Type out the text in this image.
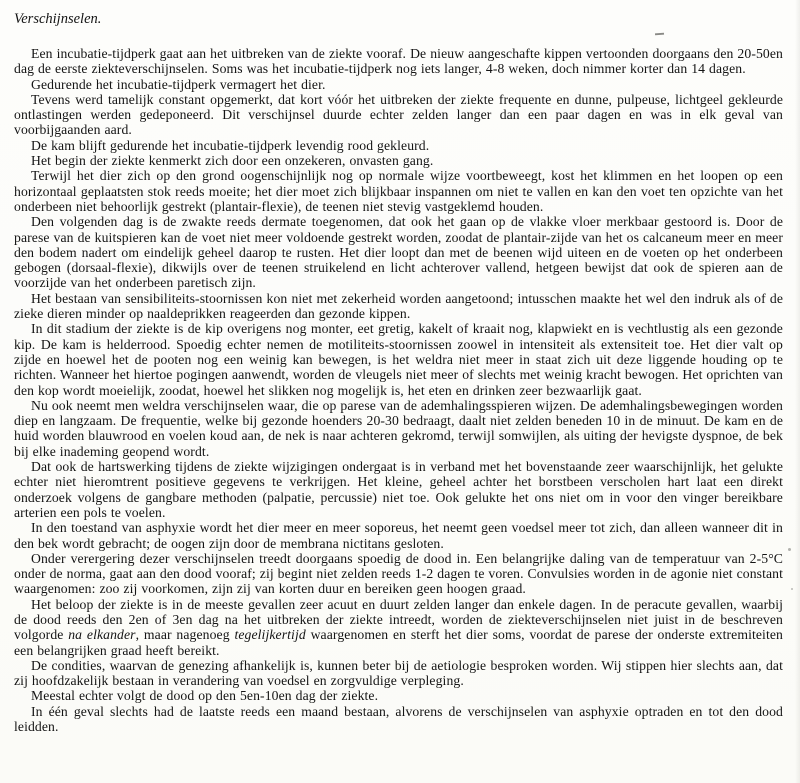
Verschijnselen.

Een incubatie-tijdperk gaat aan het uitbreken van de ziekte vooraf. De nieuw aangeschafte kippen vertoonden doorgaans den 20-50en dag de eerste ziekteverschijnselen. Soms was het incubatie-tijdperk nog iets langer, 4-8 weken, doch nimmer korter dan 14 dagen.

Gedurende het incubatie-tijdperk vermagert het dier.

Tevens werd tamelijk constant opgemerkt, dat kort vóór het uitbreken der ziekte frequente en dunne, pulpeuse, lichtgeel gekleurde ontlastingen werden gedeponeerd. Dit verschijnsel duurde echter zelden langer dan een paar dagen en was in elk geval van voorbijgaanden aard.

De kam blijft gedurende het incubatie-tijdperk levendig rood gekleurd.

Het begin der ziekte kenmerkt zich door een onzekeren, onvasten gang.

Terwijl het dier zich op den grond oogenschijnlijk nog op normale wijze voortbeweegt, kost het klimmen en het loopen op een horizontaal geplaatsten stok reeds moeite; het dier moet zich blijkbaar inspannen om niet te vallen en kan den voet ten opzichte van het onderbeen niet behoorlijk gestrekt (plantair-flexie), de teenen niet stevig vastgeklemd houden.

Den volgenden dag is de zwakte reeds dermate toegenomen, dat ook het gaan op de vlakke vloer merkbaar gestoord is. Door de parese van de kuitspieren kan de voet niet meer voldoende gestrekt worden, zoodat de plantair-zijde van het os calcaneum meer en meer den bodem nadert om eindelijk geheel daarop te rusten. Het dier loopt dan met de beenen wijd uiteen en de voeten op het onderbeen gebogen (dorsaal-flexie), dikwijls over de teenen struikelend en licht achterover vallend, hetgeen bewijst dat ook de spieren aan de voorzijde van het onderbeen paretisch zijn.

Het bestaan van sensibiliteits-stoornissen kon niet met zekerheid worden aangetoond; intusschen maakte het wel den indruk als of de zieke dieren minder op naaldeprikken reageerden dan gezonde kippen.

In dit stadium der ziekte is de kip overigens nog monter, eet gretig, kakelt of kraait nog, klapwiekt en is vechtlustig als een gezonde kip. De kam is helderrood. Spoedig echter nemen de motiliteits-stoornissen zoowel in intensiteit als extensiteit toe. Het dier valt op zijde en hoewel het de pooten nog een weinig kan bewegen, is het weldra niet meer in staat zich uit deze liggende houding op te richten. Wanneer het hiertoe pogingen aanwendt, worden de vleugels niet meer of slechts met weinig kracht bewogen. Het oprichten van den kop wordt moeielijk, zoodat, hoewel het slikken nog mogelijk is, het eten en drinken zeer bezwaarlijk gaat.

Nu ook neemt men weldra verschijnselen waar, die op parese van de ademhalingsspieren wijzen. De ademhalingsbewegingen worden diep en langzaam. De frequentie, welke bij gezonde hoenders 20-30 bedraagt, daalt niet zelden beneden 10 in de minuut. De kam en de huid worden blauwrood en voelen koud aan, de nek is naar achteren gekromd, terwijl somwijlen, als uiting der hevigste dyspnoe, de bek bij elke inademing geopend wordt.

Dat ook de hartswerking tijdens de ziekte wijzigingen ondergaat is in verband met het bovenstaande zeer waarschijnlijk, het gelukte echter niet hieromtrent positieve gegevens te verkrijgen. Het kleine, geheel achter het borstbeen verscholen hart laat een direkt onderzoek volgens de gangbare methoden (palpatie, percussie) niet toe. Ook gelukte het ons niet om in voor den vinger bereikbare arterien een pols te voelen.

In den toestand van asphyxie wordt het dier meer en meer soporeus, het neemt geen voedsel meer tot zich, dan alleen wanneer dit in den bek wordt gebracht; de oogen zijn door de membrana nictitans gesloten.

Onder verergering dezer verschijnselen treedt doorgaans spoedig de dood in. Een belangrijke daling van de temperatuur van 2-5°C onder de norma, gaat aan den dood vooraf; zij begint niet zelden reeds 1-2 dagen te voren. Convulsies worden in de agonie niet constant waargenomen: zoo zij voorkomen, zijn zij van korten duur en bereiken geen hoogen graad.

Het beloop der ziekte is in de meeste gevallen zeer acuut en duurt zelden langer dan enkele dagen. In de peracute gevallen, waarbij de dood reeds den 2en of 3en dag na het uitbreken der ziekte intreedt, worden de ziekteverschijnselen niet juist in de beschreven volgorde na elkander, maar nagenoeg tegelijkertijd waargenomen en sterft het dier soms, voordat de parese der onderste extremiteiten een belangrijken graad heeft bereikt.

De condities, waarvan de genezing afhankelijk is, kunnen beter bij de aetiologie besproken worden. Wij stippen hier slechts aan, dat zij hoofdzakelijk bestaan in verandering van voedsel en zorgvuldige verpleging.

Meestal echter volgt de dood op den 5en-10en dag der ziekte.

In één geval slechts had de laatste reeds een maand bestaan, alvorens de verschijnselen van asphyxie optraden en tot den dood leidden.
